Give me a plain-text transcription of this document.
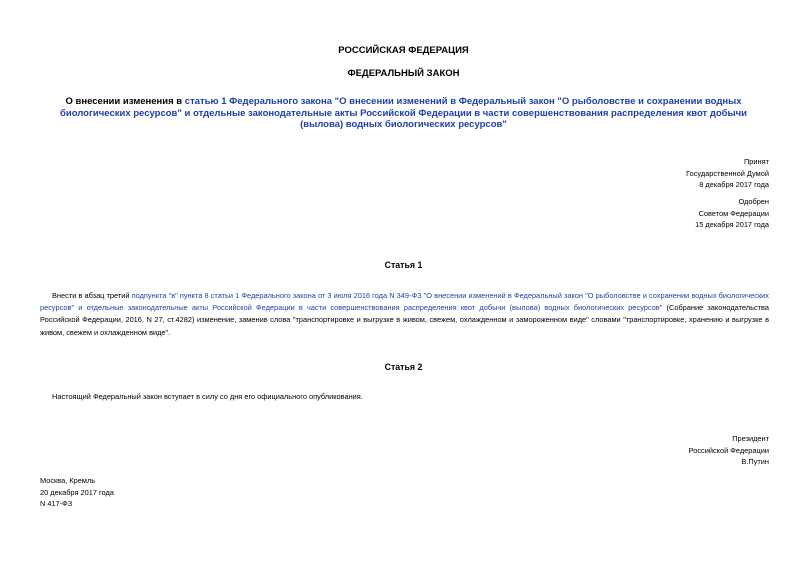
РОССИЙСКАЯ ФЕДЕРАЦИЯ
ФЕДЕРАЛЬНЫЙ ЗАКОН
О внесении изменения в статью 1 Федерального закона "О внесении изменений в Федеральный закон "О рыболовстве и сохранении водных биологических ресурсов" и отдельные законодательные акты Российской Федерации в части совершенствования распределения квот добычи (вылова) водных биологических ресурсов"
Принят
Государственной Думой
8 декабря 2017 года
Одобрен
Советом Федерации
15 декабря 2017 года
Статья 1
Внести в абзац третий подпункта "в" пункта 8 статьи 1 Федерального закона от 3 июля 2016 года N 349-ФЗ "О внесении изменений в Федеральный закон "О рыболовстве и сохранении водных биологических ресурсов" и отдельные законодательные акты Российской Федерации в части совершенствования распределения квот добычи (вылова) водных биологических ресурсов" (Собрание законодательства Российской Федерации, 2016, N 27, ст.4282) изменение, заменив слова "транспортировке и выгрузке в живом, свежем, охлажденном и замороженном виде" словами "транспортировке, хранению и выгрузке в живом, свежем и охлажденном виде".
Статья 2
Настоящий Федеральный закон вступает в силу со дня его официального опубликования.
Президент
Российской Федерации
В.Путин
Москва, Кремль
20 декабря 2017 года
N 417-ФЗ
